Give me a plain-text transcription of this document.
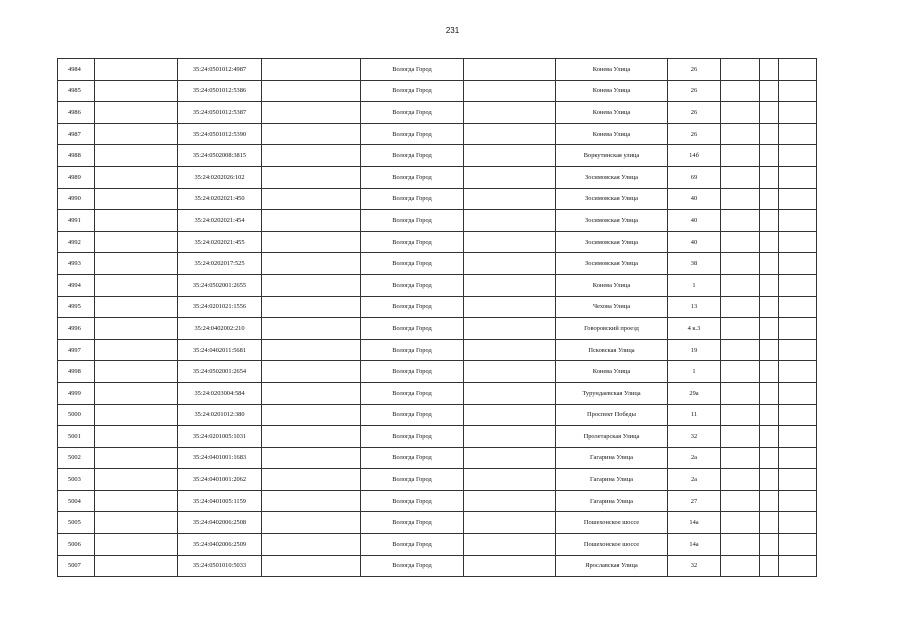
231
4984		35:24:0501012:4987		Вологда Город		Конева Улица	26			
4985		35:24:0501012:5386		Вологда Город		Конева Улица	26			
4986		35:24:0501012:5387		Вологда Город		Конева Улица	26			
4987		35:24:0501012:5390		Вологда Город		Конева Улица	26			
4988		35:24:0502008:3815		Вологда Город		Воркутинская улица	14б			
4989		35:24:0202026:102		Вологда Город		Зосимовская Улица	69			
4990		35:24:0202021:450		Вологда Город		Зосимовская Улица	40			
4991		35:24:0202021:454		Вологда Город		Зосимовская Улица	40			
4992		35:24:0202021:455		Вологда Город		Зосимовская Улица	40			
4993		35:24:0202017:525		Вологда Город		Зосимовская Улица	38			
4994		35:24:0502001:2655		Вологда Город		Конева Улица	1			
4995		35:24:0201021:1556		Вологда Город		Чехова Улица	13			
4996		35:24:0402002:210		Вологда Город		Говоровский проезд	4 к.3			
4997		35:24:0402011:5681		Вологда Город		Псковская Улица	19			
4998		35:24:0502001:2654		Вологда Город		Конева Улица	1			
4999		35:24:0203004:584		Вологда Город		Турундаевская Улица	29а			
5000		35:24:0201012:380		Вологда Город		Проспект Победы	11			
5001		35:24:0201005:1031		Вологда Город		Пролетарская Улица	32			
5002		35:24:0401001:1683		Вологда Город		Гагарина Улица	2а			
5003		35:24:0401001:2062		Вологда Город		Гагарина Улица	2а			
5004		35:24:0401005:1159		Вологда Город		Гагарина Улица	27			
5005		35:24:0402006:2508		Вологда Город		Пошехонское шоссе	14а			
5006		35:24:0402006:2509		Вологда Город		Пошехонское шоссе	14а			
5007		35:24:0501010:5033		Вологда Город		Ярославская Улица	32			
